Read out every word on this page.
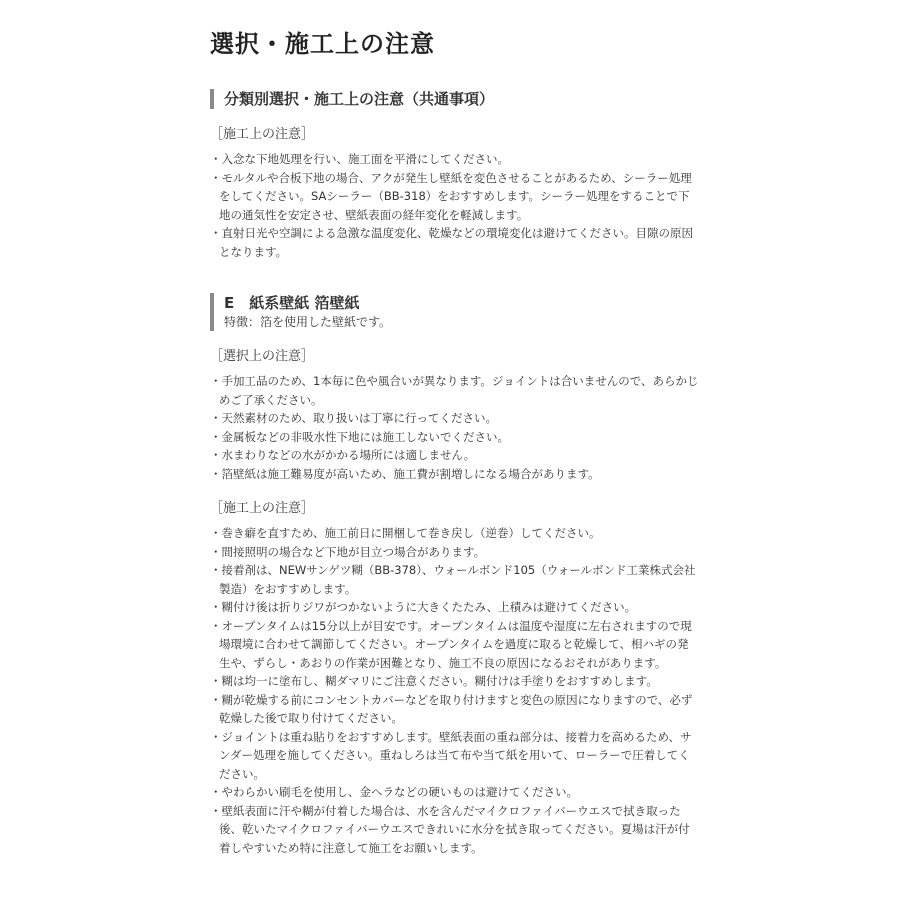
選択・施工上の注意
分類別選択・施工上の注意（共通事項）
［施工上の注意］
・入念な下地処理を行い、施工面を平滑にしてください。
・モルタルや合板下地の場合、アクが発生し壁紙を変色させることがあるため、シーラー処理をしてください。SAシーラー（BB-318）をおすすめします。シーラー処理をすることで下地の通気性を安定させ、壁紙表面の経年変化を軽減します。
・直射日光や空調による急激な温度変化、乾燥などの環境変化は避けてください。目隙の原因となります。
E　紙系壁紙 箔壁紙
特徴：箔を使用した壁紙です。
［選択上の注意］
・手加工品のため、1本毎に色や風合いが異なります。ジョイントは合いませんので、あらかじめご了承ください。
・天然素材のため、取り扱いは丁寧に行ってください。
・金属板などの非吸水性下地には施工しないでください。
・水まわりなどの水がかかる場所には適しません。
・箔壁紙は施工難易度が高いため、施工費が割増しになる場合があります。
［施工上の注意］
・巻き癖を直すため、施工前日に開梱して巻き戻し（逆巻）してください。
・間接照明の場合など下地が目立つ場合があります。
・接着剤は、NEWサンゲツ糊（BB-378）、ウォールボンド105（ウォールボンド工業株式会社製造）をおすすめします。
・糊付け後は折りジワがつかないように大きくたたみ、上積みは避けてください。
・オープンタイムは15分以上が目安です。オープンタイムは温度や湿度に左右されますので現場環境に合わせて調節してください。オープンタイムを過度に取ると乾燥して、相ハギの発生や、ずらし・あおりの作業が困難となり、施工不良の原因になるおそれがあります。
・糊は均一に塗布し、糊ダマリにご注意ください。糊付けは手塗りをおすすめします。
・糊が乾燥する前にコンセントカバーなどを取り付けますと変色の原因になりますので、必ず乾燥した後で取り付けてください。
・ジョイントは重ね貼りをおすすめします。壁紙表面の重ね部分は、接着力を高めるため、サンダー処理を施してください。重ねしろは当て布や当て紙を用いて、ローラーで圧着してください。
・やわらかい刷毛を使用し、金ヘラなどの硬いものは避けてください。
・壁紙表面に汗や糊が付着した場合は、水を含んだマイクロファイバーウエスで拭き取った後、乾いたマイクロファイバーウエスできれいに水分を拭き取ってください。夏場は汗が付着しやすいため特に注意して施工をお願いします。
